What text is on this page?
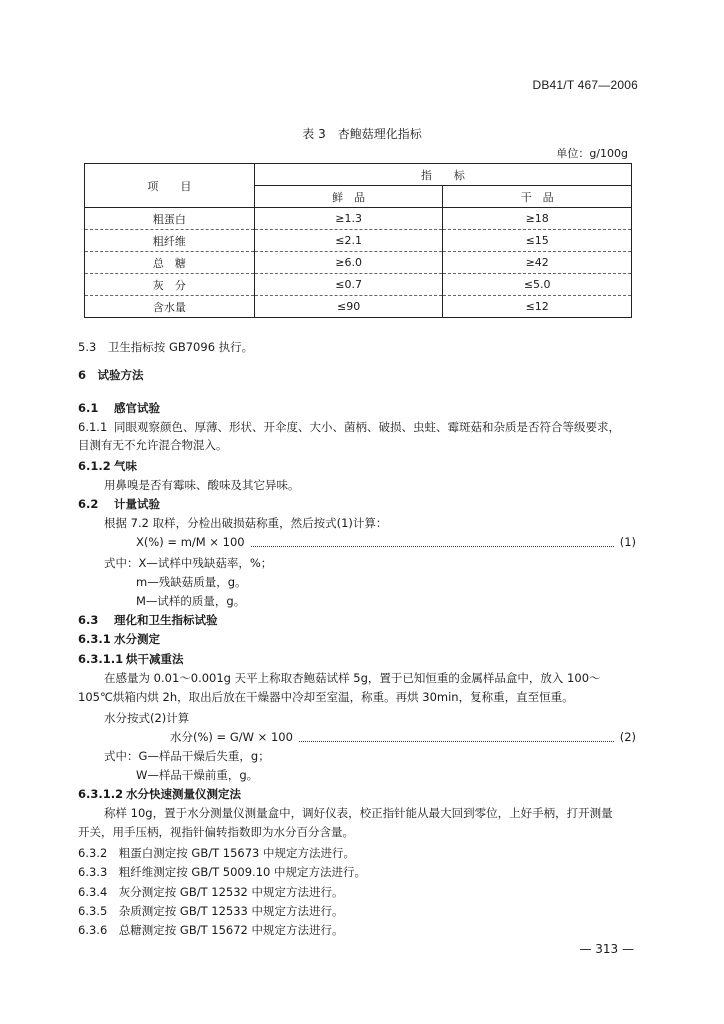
DB41/T 467—2006
表 3　杏鲍菇理化指标
单位：g/100g
项　　目	指　　标	
	鲜　品	干　品
粗蛋白	≥1.3	≥18
粗纤维	≤2.1	≤15
总　糖	≥6.0	≥42
灰　分	≤0.7	≤5.0
含水量	≤90	≤12
5.3　卫生指标按 GB7096 执行。
6　试验方法
6.1 感官试验
6.1.1 同眼观察颜色、厚薄、形状、开伞度、大小、菌柄、破损、虫蛀、霉斑菇和杂质是否符合等级要求，
目测有无不允许混合物混入。
6.1.2 气味
用鼻嗅是否有霉味、酸味及其它异味。
6.2 计量试验
根据 7.2 取样，分检出破损菇称重，然后按式(1)计算：
X(%) = m/M × 100	(1)
式中：X—试样中残缺菇率，%；
m—残缺菇质量，g。
M—试样的质量，g。
6.3 理化和卫生指标试验
6.3.1 水分测定
6.3.1.1 烘干减重法
在感量为 0.01～0.001g 天平上称取杏鲍菇试样 5g，置于已知恒重的金属样品盒中，放入 100～
105℃烘箱内烘 2h，取出后放在干燥器中冷却至室温，称重。再烘 30min，复称重，直至恒重。
水分按式(2)计算
水分(%) = G/W × 100	(2)
式中：G—样品干燥后失重，g；
W—样品干燥前重，g。
6.3.1.2 水分快速测量仪测定法
称样 10g，置于水分测量仪测量盒中，调好仪表，校正指针能从最大回到零位，上好手柄，打开测量
开关，用手压柄，视指针偏转指数即为水分百分含量。
6.3.2　粗蛋白测定按 GB/T 15673 中规定方法进行。
6.3.3　粗纤维测定按 GB/T 5009.10 中规定方法进行。
6.3.4　灰分测定按 GB/T 12532 中规定方法进行。
6.3.5　杂质测定按 GB/T 12533 中规定方法进行。
6.3.6　总糖测定按 GB/T 15672 中规定方法进行。
— 313 —
